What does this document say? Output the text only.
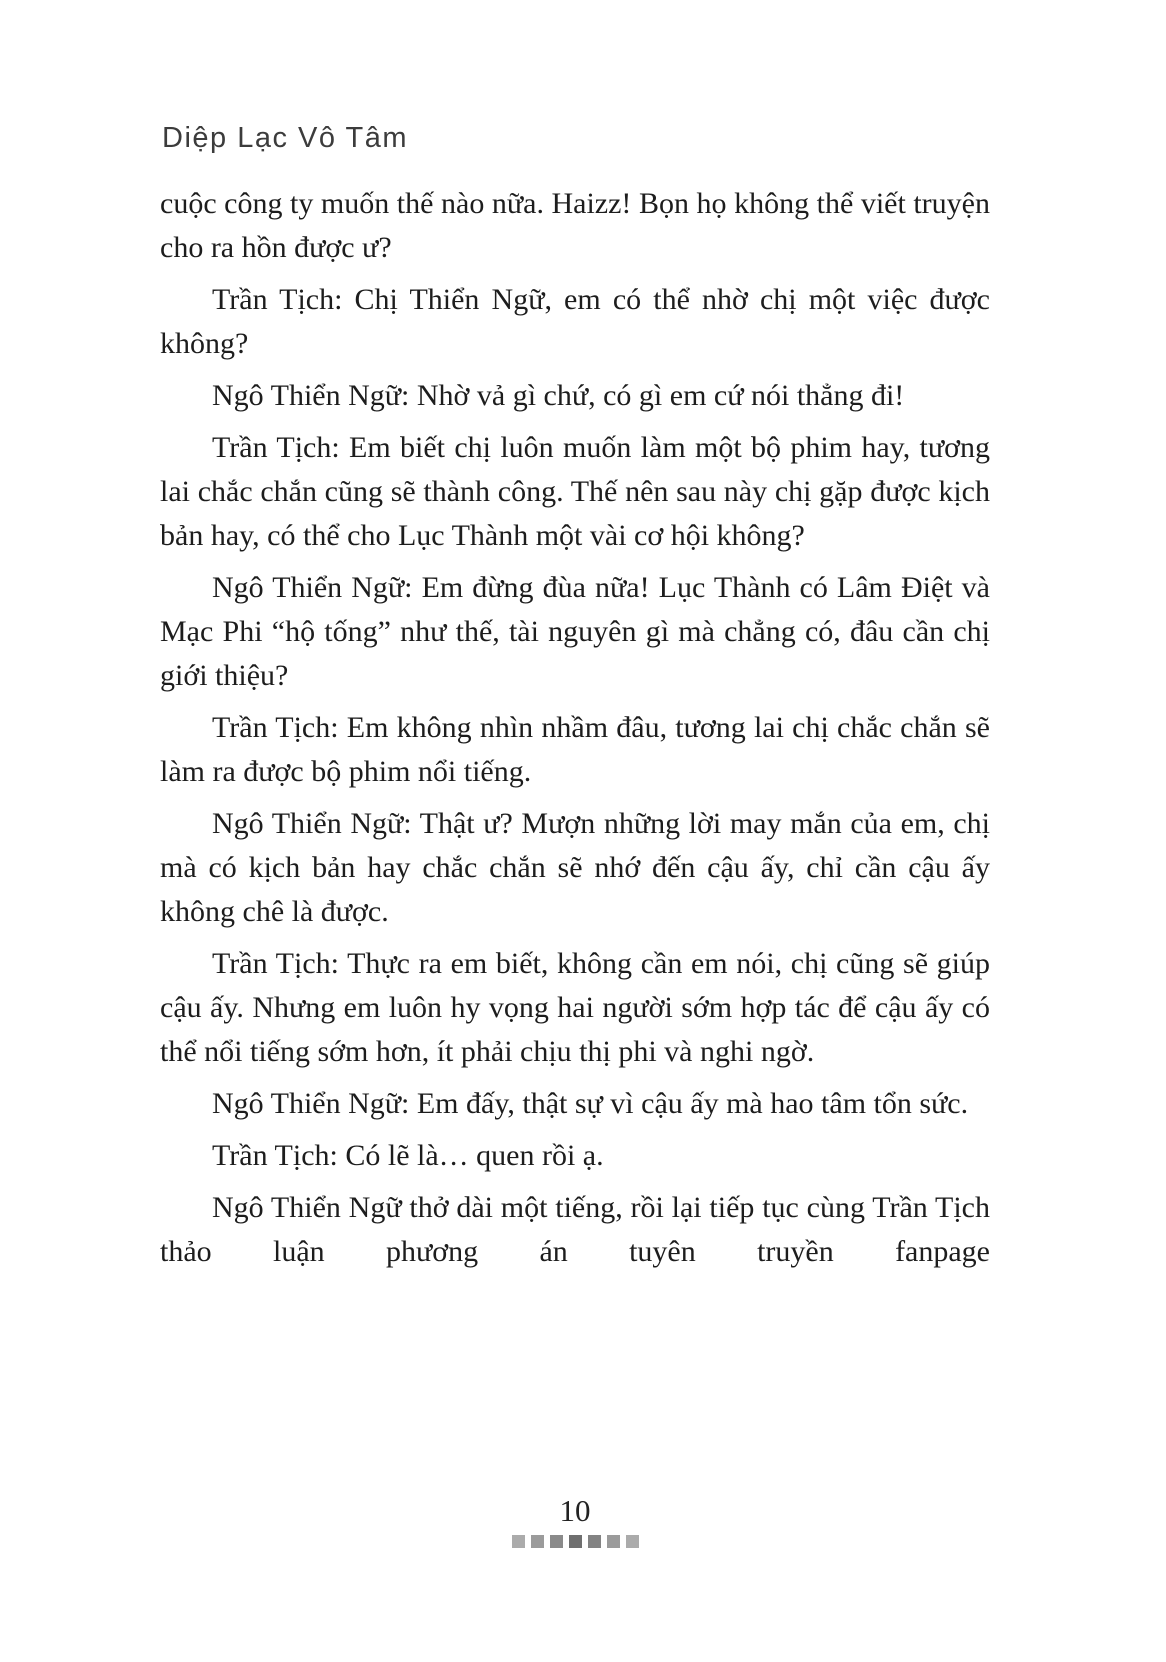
Diệp Lạc Vô Tâm

cuộc công ty muốn thế nào nữa. Haizz! Bọn họ không thể viết truyện cho ra hồn được ư?

Trần Tịch: Chị Thiển Ngữ, em có thể nhờ chị một việc được không?

Ngô Thiển Ngữ: Nhờ vả gì chứ, có gì em cứ nói thẳng đi!

Trần Tịch: Em biết chị luôn muốn làm một bộ phim hay, tương lai chắc chắn cũng sẽ thành công. Thế nên sau này chị gặp được kịch bản hay, có thể cho Lục Thành một vài cơ hội không?

Ngô Thiển Ngữ: Em đừng đùa nữa! Lục Thành có Lâm Điệt và Mạc Phi “hộ tống” như thế, tài nguyên gì mà chẳng có, đâu cần chị giới thiệu?

Trần Tịch: Em không nhìn nhầm đâu, tương lai chị chắc chắn sẽ làm ra được bộ phim nổi tiếng.

Ngô Thiển Ngữ: Thật ư? Mượn những lời may mắn của em, chị mà có kịch bản hay chắc chắn sẽ nhớ đến cậu ấy, chỉ cần cậu ấy không chê là được.

Trần Tịch: Thực ra em biết, không cần em nói, chị cũng sẽ giúp cậu ấy. Nhưng em luôn hy vọng hai người sớm hợp tác để cậu ấy có thể nổi tiếng sớm hơn, ít phải chịu thị phi và nghi ngờ.

Ngô Thiển Ngữ: Em đấy, thật sự vì cậu ấy mà hao tâm tổn sức.

Trần Tịch: Có lẽ là… quen rồi ạ.

Ngô Thiển Ngữ thở dài một tiếng, rồi lại tiếp tục cùng Trần Tịch thảo luận phương án tuyên truyền fanpage

10
